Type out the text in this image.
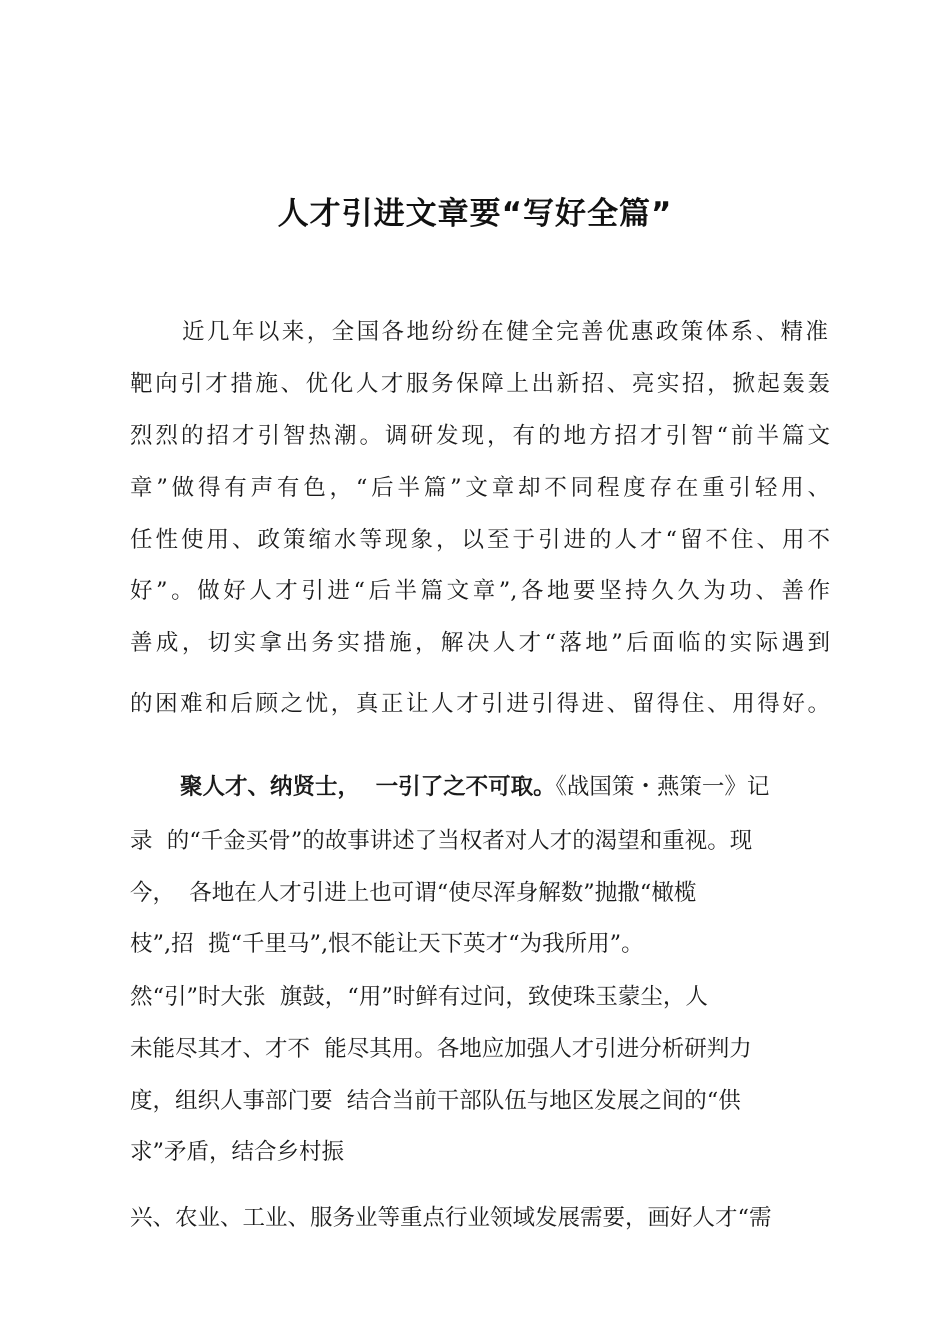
人才引进文章要“写好全篇”

近几年以来，全国各地纷纷在健全完善优惠政策体系、精准

靶向引才措施、优化人才服务保障上出新招、亮实招，掀起轰轰

烈烈的招才引智热潮。调研发现，有的地方招才引智“前半篇文

章”做得有声有色，“后半篇”文章却不同程度存在重引轻用、

任性使用、政策缩水等现象，以至于引进的人才“留不住、用不

好”。做好人才引进“后半篇文章”,各地要坚持久久为功、善作

善成，切实拿出务实措施，解决人才“落地”后面临的实际遇到

的困难和后顾之忧，真正让人才引进引得进、留得住、用得好。

聚人才、纳贤士，  一引了之不可取。《战国策・燕策一》记

录  的“千金买骨”的故事讲述了当权者对人才的渴望和重视。现

今，  各地在人才引进上也可谓“使尽浑身解数”抛撒“橄榄

枝”,招  揽“千里马”,恨不能让天下英才“为我所用”。

然“引”时大张  旗鼓，“用”时鲜有过问，致使珠玉蒙尘，人

未能尽其才、才不  能尽其用。各地应加强人才引进分析研判力

度，组织人事部门要  结合当前干部队伍与地区发展之间的“供

求”矛盾，结合乡村振

兴、农业、工业、服务业等重点行业领域发展需要，画好人才“需
